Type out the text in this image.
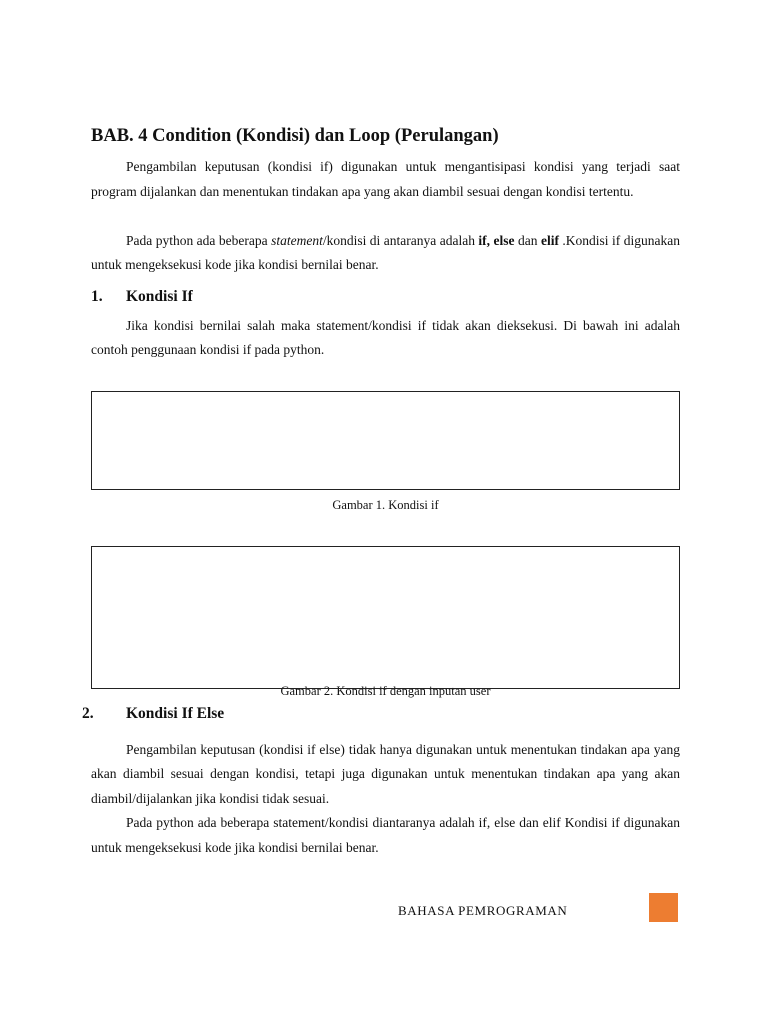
BAB. 4 Condition (Kondisi) dan Loop (Perulangan)

Pengambilan keputusan (kondisi if) digunakan untuk mengantisipasi kondisi yang terjadi saat program dijalankan dan menentukan tindakan apa yang akan diambil sesuai dengan kondisi tertentu.

Pada python ada beberapa statement/kondisi di antaranya adalah if, else dan elif .Kondisi if digunakan untuk mengeksekusi kode jika kondisi bernilai benar.

1. Kondisi If

Jika kondisi bernilai salah maka statement/kondisi if tidak akan dieksekusi. Di bawah ini adalah contoh penggunaan kondisi if pada python.

Gambar 1. Kondisi if
Gambar 2. Kondisi if dengan inputan user
2. Kondisi If Else

Pengambilan keputusan (kondisi if else) tidak hanya digunakan untuk menentukan tindakan apa yang akan diambil sesuai dengan kondisi, tetapi juga digunakan untuk menentukan tindakan apa yang akan diambil/dijalankan jika kondisi tidak sesuai.

Pada python ada beberapa statement/kondisi diantaranya adalah if, else dan elif Kondisi if digunakan untuk mengeksekusi kode jika kondisi bernilai benar.

BAHASA PEMROGRAMAN
